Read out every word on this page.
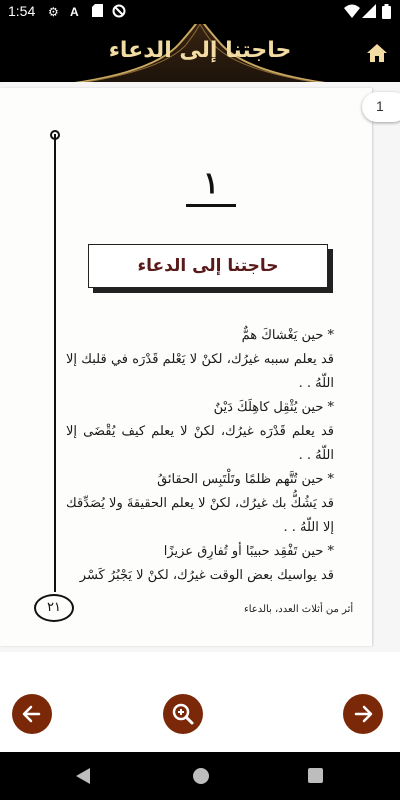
1:54 ⚙ A
حاجتنا إلى الدعاء
١
حاجتنا إلى الدعاء

* حين يَغْشاكَ همٌّ

قد يعلم سببه غيرُك، لكنْ لا يَعْلم قَدْرَه في قلبك إلا اللّهُ . .

* حين يُثْقِل كاهِلَكَ دَيْنٌ

قد يعلم قَدْرَه غيرُك، لكنْ لا يعلم كيف يُقْضَى إلا اللّهُ . .

* حين تُتَّهم ظلمًا وتَلْتَبِس الحقائقُ

قد يَشُكُّ بك غيرُك، لكنْ لا يعلم الحقيقةَ ولا يُصَدِّقك إلا اللّهُ . .

* حين تَفْقِد حبيبًا أو تُفارِق عزيزًا

قد يواسيك بعض الوقت غيرُك، لكنْ لا يَجْبُرُ كَسْر

٢١	أثر من أثلاث العدد، بالدعاء
1
